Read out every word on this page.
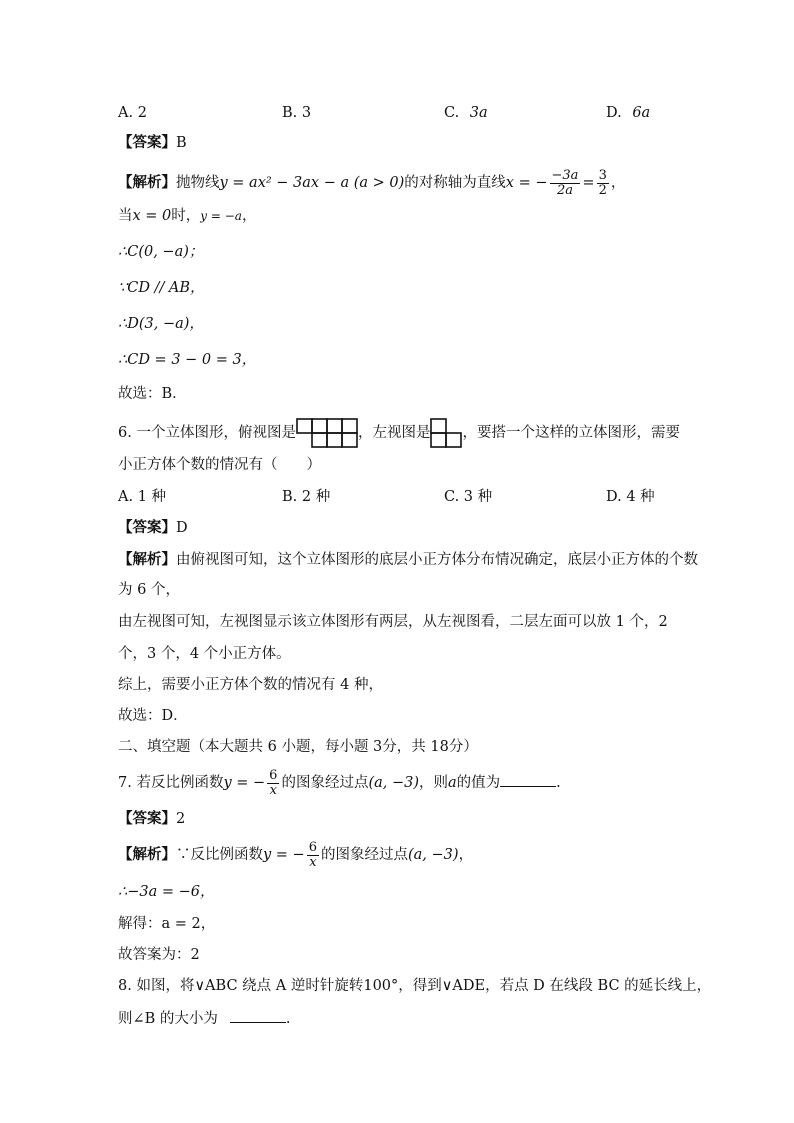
A. 2	B. 3	C. 3a	D. 6a
【答案】B
【解析】抛物线y = ax² − 3ax − a (a > 0)的对称轴为直线x = − $\frac{-3a}{2a} = \frac{3}{2}$ ，
当x = 0时，y = −a，
∴C(0, −a)；
∵CD // AB，
∴D(3, −a)，
∴CD = 3 − 0 = 3，
故选：B．
6. 一个立体图形，俯视图是	，左视图是 ，要搭一个这样的立体图形，需要
小正方体个数的情况有（　　）
A. 1 种	B. 2 种	C. 3 种	D. 4 种
【答案】D
【解析】由俯视图可知，这个立体图形的底层小正方体分布情况确定，底层小正方体的个数
为 6 个，
由左视图可知，左视图显示该立体图形有两层，从左视图看，二层左面可以放 1 个，2
个，3 个，4 个小正方体。
综上，需要小正方体个数的情况有 4 种，
故选：D．
二、填空题（本大题共 6 小题，每小题 3分，共 18分）
7. 若反比例函数y = − $\frac{6}{x}$ 的图象经过点(a, −3)，则a的值为	.
【答案】2
【解析】∵反比例函数y = − $\frac{6}{x}$ 的图象经过点(a, −3)，
∴−3a = −6，
解得：a = 2，
故答案为：2
8. 如图，将∨ABC 绕点 A 逆时针旋转100°，得到∨ADE，若点 D 在线段 BC 的延长线上，
则∠B 的大小为	.
